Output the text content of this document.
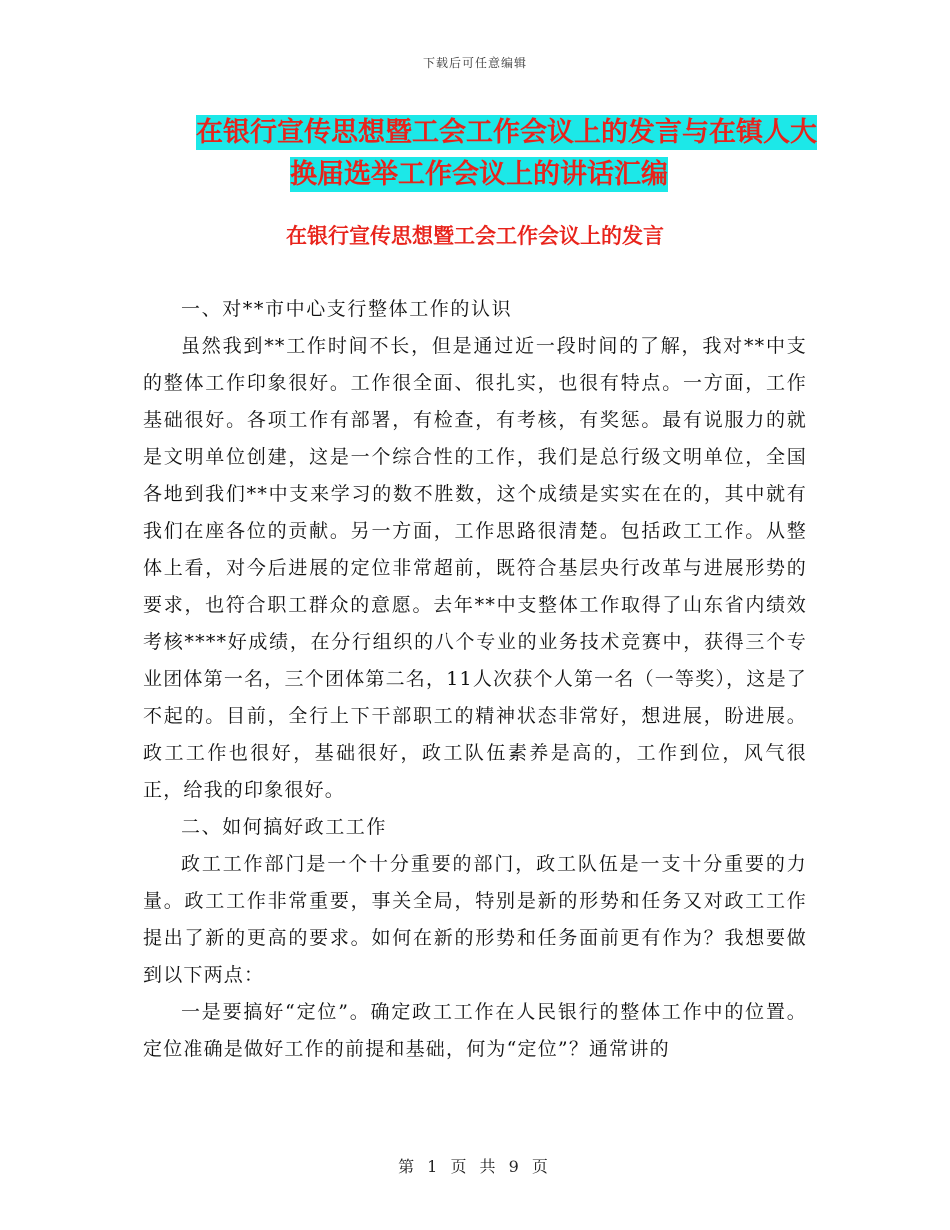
下载后可任意编辑
在银行宣传思想暨工会工作会议上的发言与在镇人大
换届选举工作会议上的讲话汇编
在银行宣传思想暨工会工作会议上的发言

一、对**市中心支行整体工作的认识

虽然我到**工作时间不长，但是通过近一段时间的了解，我对**中支的整体工作印象很好。工作很全面、很扎实，也很有特点。一方面，工作基础很好。各项工作有部署，有检查，有考核，有奖惩。最有说服力的就是文明单位创建，这是一个综合性的工作，我们是总行级文明单位，全国各地到我们**中支来学习的数不胜数，这个成绩是实实在在的，其中就有我们在座各位的贡献。另一方面，工作思路很清楚。包括政工工作。从整体上看，对今后进展的定位非常超前，既符合基层央行改革与进展形势的要求，也符合职工群众的意愿。去年**中支整体工作取得了山东省内绩效考核****好成绩，在分行组织的八个专业的业务技术竞赛中，获得三个专业团体第一名，三个团体第二名，11人次获个人第一名（一等奖），这是了不起的。目前，全行上下干部职工的精神状态非常好，想进展，盼进展。政工工作也很好，基础很好，政工队伍素养是高的，工作到位，风气很正，给我的印象很好。

二、如何搞好政工工作

政工工作部门是一个十分重要的部门，政工队伍是一支十分重要的力量。政工工作非常重要，事关全局，特别是新的形势和任务又对政工工作提出了新的更高的要求。如何在新的形势和任务面前更有作为？我想要做到以下两点：

一是要搞好“定位”。确定政工工作在人民银行的整体工作中的位置。定位准确是做好工作的前提和基础，何为“定位”？通常讲的

第 1 页 共 9 页
